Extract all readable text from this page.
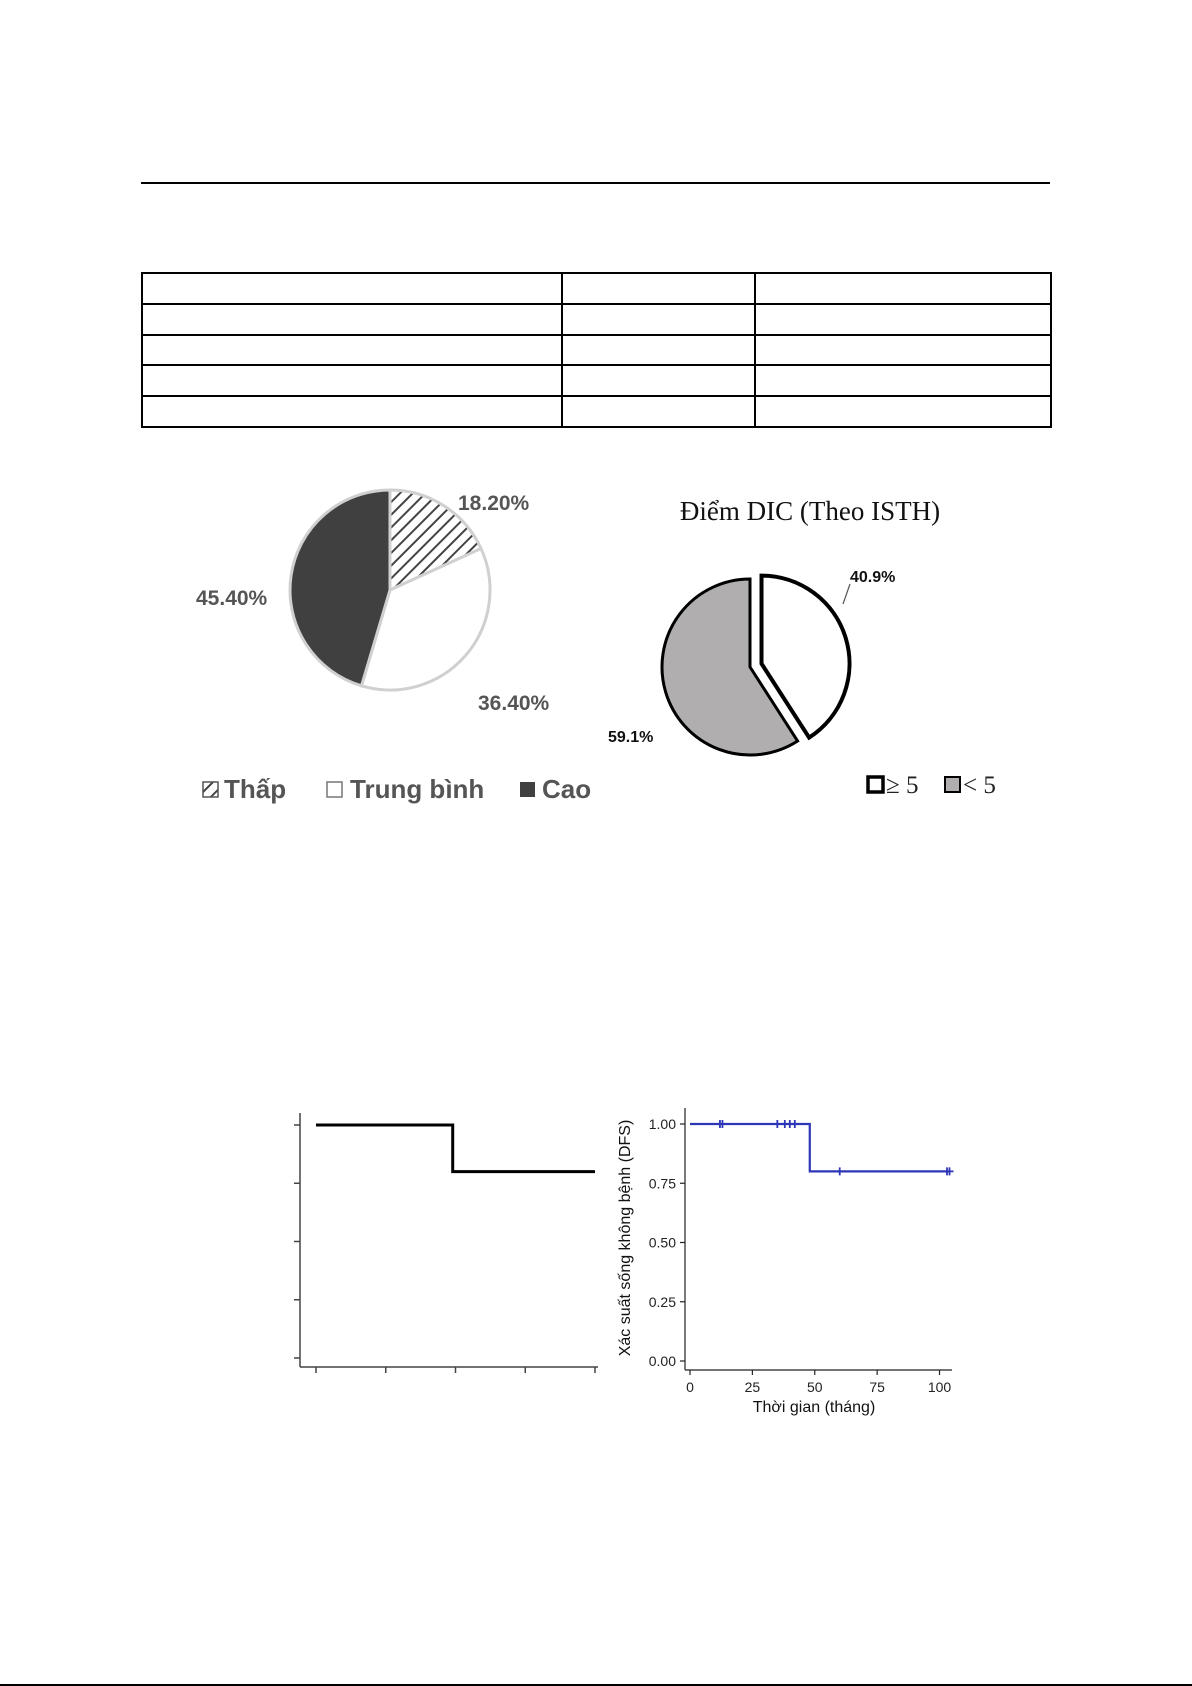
18.20%
36.40%
45.40%
Thấp Trung bình Cao
Điểm DIC (Theo ISTH)
40.9%
59.1%
≥ 5 < 5
Xác suất sống không bệnh (DFS)
Thời gian (tháng)
0.00
0.25
0.50
0.75
1.00
0	25	50	75	100
